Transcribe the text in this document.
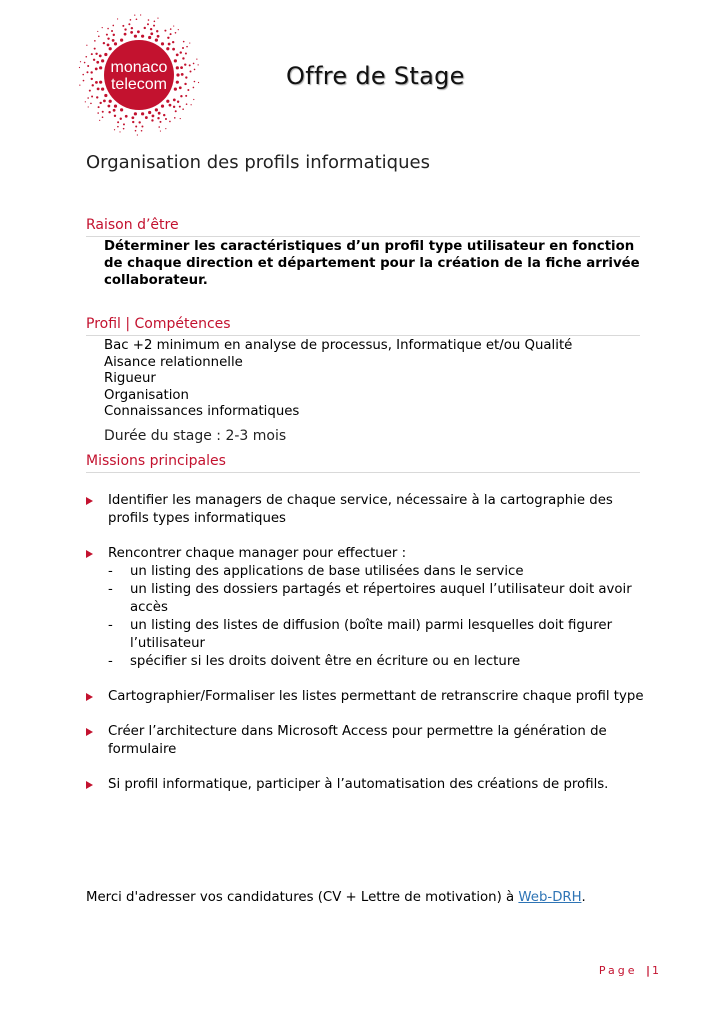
monaco
telecom	Offre de Stage
Organisation des profils informatiques
Raison d’être
Déterminer les caractéristiques d’un profil type utilisateur en fonction de chaque direction et département pour la création de la fiche arrivée collaborateur.
Profil | Compétences
Bac +2 minimum en analyse de processus, Informatique et/ou Qualité
Aisance relationnelle
Rigueur
Organisation
Connaissances informatiques
Durée du stage : 2-3 mois
Missions principales
Identifier les managers de chaque service, nécessaire à la cartographie des profils types informatiques
Rencontrer chaque manager pour effectuer :
- un listing des applications de base utilisées dans le service
- un listing des dossiers partagés et répertoires auquel l’utilisateur doit avoir accès
- un listing des listes de diffusion (boîte mail) parmi lesquelles doit figurer l’utilisateur
- spécifier si les droits doivent être en écriture ou en lecture
Cartographier/Formaliser les listes permettant de retranscrire chaque profil type
Créer l’architecture dans Microsoft Access pour permettre la génération de formulaire
Si profil informatique, participer à l’automatisation des créations de profils.
Merci d'adresser vos candidatures (CV + Lettre de motivation) à Web-DRH.
Page | 1
